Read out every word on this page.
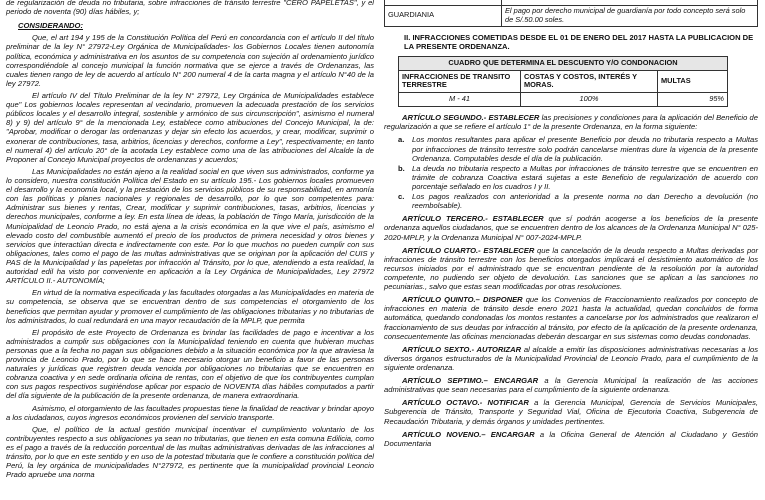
de regularización de deuda no tributaria, sobre infracciones de tránsito terrestre "CERO PAPELETAS", y el periodo de noventa (90) días hábiles, y;

CONSIDERANDO:

Que, el art 194 y 195 de la Constitución Política del Perú en concordancia con el artículo II del título preliminar de la ley N° 27972-Ley Orgánica de Municipalidades- los Gobiernos Locales tienen autonomía política, económica y administrativa en los asuntos de su competencia con sujeción al ordenamiento jurídico correspondiéndole al concejo municipal la función normativa que se ejerce a través de Ordenanzas, las cuales tienen rango de ley de acuerdo al artículo N° 200 numeral 4 de la carta magna y el artículo N°40 de la ley 27972.

El artículo IV del Título Preliminar de la ley N° 27972, Ley Orgánica de Municipalidades establece que" Los gobiernos locales representan al vecindario, promueven la adecuada prestación de los servicios públicos locales y el desarrollo integral, sostenible y armónico de sus circunscripción", asimismo el numeral 8) y 9) del artículo 9° de la mencionada Ley, establece como atribuciones del Concejo Municipal, la de: "Aprobar, modificar o derogar las ordenanzas y dejar sin efecto los acuerdos, y crear, modificar, suprimir o exonerar de contribuciones, tasa, arbitrios, licencias y derechos, conforme a Ley", respectivamente; en tanto el numeral 4) del artículo 20° de la acotada Ley establece como una de las atribuciones del Alcalde la de Proponer al Concejo Municipal proyectos de ordenanzas y acuerdos;

Las Municipalidades no están ajeno a la realidad social en que viven sus administrados, conforme ya lo considero, nuestra constitución Política del Estado en su artículo 195.- Los gobiernos locales promueven el desarrollo y la economía local, y la prestación de los servicios públicos de su responsabilidad, en armonía con las políticas y planes nacionales y regionales de desarrollo, por lo que son competentes para: Administrar sus bienes y rentas, Crear, modificar y suprimir contribuciones, tasas, arbitrios, licencias y derechos municipales, conforme a ley. En esta línea de ideas, la población de Tingo María, jurisdicción de la Municipalidad de Leoncio Prado, no está ajena a la crisis económica en la que vive el país, asimismo el elevado costo del combustible aumentó el precio de los productos de primera necesidad y otros bienes y servicios que interactúan directa e indirectamente con este. Por lo que muchos no pueden cumplir con sus obligaciones, tales como el pago de las multas administrativas que se originan por la aplicación del CUIS y PAS de la Municipalidad y las papeletas por infracción al Tránsito, por lo que, atendiendo a esta realidad, la autoridad edil ha visto por conveniente en aplicación a la Ley Orgánica de Municipalidades, Ley 27972 ARTÍCULO II.- AUTONOMÍA;

En virtud de la normativa especificada y las facultades otorgadas a las Municipalidades en materia de su competencia, se observa que se encuentran dentro de sus competencias el otorgamiento de los beneficios que permitan ayudar y promover el cumplimiento de las obligaciones tributarias y no tributarias de los administrados, lo cual redundará en una mayor recaudación de la MPLP, que permita

El propósito de este Proyecto de Ordenanza es brindar las facilidades de pago e incentivar a los administrados a cumplir sus obligaciones con la Municipalidad teniendo en cuenta que hubieran muchas personas que a la fecha no pagan sus obligaciones debido a la situación económica por la que atraviesa la provincia de Leoncio Prado, por lo que se hace necesario otorgar un beneficio a favor de las personas naturales y jurídicas que registren deuda vencida por obligaciones no tributarias que se encuentren en cobranza coactiva y en sede ordinaria oficina de rentas, con el objetivo de que los contribuyentes cumplan con sus pagos respectivos sugiriéndose aplicar por espacio de NOVENTA días hábiles computados a partir del día siguiente de la publicación de la presente ordenanza, de manera extraordinaria.

Asimismo, el otorgamiento de las facultades propuestas tiene la finalidad de reactivar y brindar apoyo a los ciudadanos, cuyos ingresos económicos provienen del servicio transporte.

Que, el político de la actual gestión municipal incentivar el cumplimiento voluntario de los contribuyentes respecto a sus obligaciones ya sean no tributarias, que tienen en esta comuna Edilicia, como es el pago a través de la reducción porcentual de las multas administrativas derivadas de las infracciones al tránsito, por lo que en este sentido y en uso de la potestad tributaria que le confiere a constitución política del Perú, la ley orgánica de municipalidades N°27972, es pertinente que la municipalidad provincial Leoncio Prado apruebe una norma

GUARDIANIA	El pago por derecho municipal de guardianía por todo concepto será solo de S/.50.00 soles.

II. INFRACCIONES COMETIDAS DESDE EL 01 DE ENERO DEL 2017 HASTA LA PUBLICACION DE LA PRESENTE ORDENANZA.

CUADRO QUE DETERMINA EL DESCUENTO Y/O CONDONACION		
INFRACCIONES DE TRANSITO TERRESTRE	COSTAS Y COSTOS, INTERÉS Y MORAS.	MULTAS
M - 41	100%	95%

ARTÍCULO SEGUNDO.- ESTABLECER las precisiones y condiciones para la aplicación del Beneficio de regularización a que se refiere el artículo 1° de la presente Ordenanza, en la forma siguiente:

a.	Los montos resultantes para aplicar el presente Beneficio por deuda no tributaria respecto a Multas por infracciones de tránsito terrestre solo podrán cancelarse mientras dure la vigencia de la presente Ordenanza. Computables desde el día de la publicación.
b. La deuda no tributaria respecto a Multas por infracciones de tránsito terrestre que se encuentren en trámite de cobranza Coactiva estará sujetas a este Beneficio de regularización de acuerdo con porcentaje señalado en los cuadros I y II.
c.	Los pagos realizados con anterioridad a la presente norma no dan Derecho a devolución (no reembolsable).

ARTÍCULO TERCERO.- ESTABLECER que sí podrán acogerse a los beneficios de la presente ordenanza aquellos ciudadanos, que se encuentren dentro de los alcances de la Ordenanza Municipal N° 025-2020-MPLP, y la Ordenanza Municipal N° 007-2024-MPLP.

ARTÍCULO CUARTO.- ESTABLECER que la cancelación de la deuda respecto a Multas derivadas por infracciones de tránsito terrestre con los beneficios otorgados implicará el desistimiento automático de los recursos iniciados por el administrado que se encuentran pendiente de la resolución por la autoridad competente, no pudiendo ser objeto de devolución. Las sanciones que se aplican a las sanciones no pecuniarias., salvo que estas sean modificadas por otras resoluciones.

ARTÍCULO QUINTO.– DISPONER que los Convenios de Fraccionamiento realizados por concepto de infracciones en materia de tránsito desde enero 2021 hasta la actualidad, quedan concluidos de forma automática, quedando condonadas los montos restantes a cancelarse por los administrados que realizaron el fraccionamiento de sus deudas por infracción al tránsito, por efecto de la aplicación de la presente ordenanza, consecuentemente las oficinas mencionadas deberán descargar en sus sistemas como deudas condonadas.

ARTÍCULO SEXTO.- AUTORIZAR al alcalde a emitir las disposiciones administrativas necesarias a los diversos órganos estructurados de la Municipalidad Provincial de Leoncio Prado, para el cumplimiento de la siguiente ordenanza.

ARTÍCULO SEPTIMO.– ENCARGAR a la Gerencia Municipal la realización de las acciones administrativas que sean necesarias para el cumplimiento de la siguiente ordenanza.

ARTÍCULO OCTAVO.- NOTIFICAR a la Gerencia Municipal, Gerencia de Servicios Municipales, Subgerencia de Tránsito, Transporte y Seguridad Vial, Oficina de Ejecutoria Coactiva, Subgerencia de Recaudación Tributaria, y demás órganos y unidades pertinentes.

ARTÍCULO NOVENO.– ENCARGAR a la Oficina General de Atención al Ciudadano y Gestión Documentaria
